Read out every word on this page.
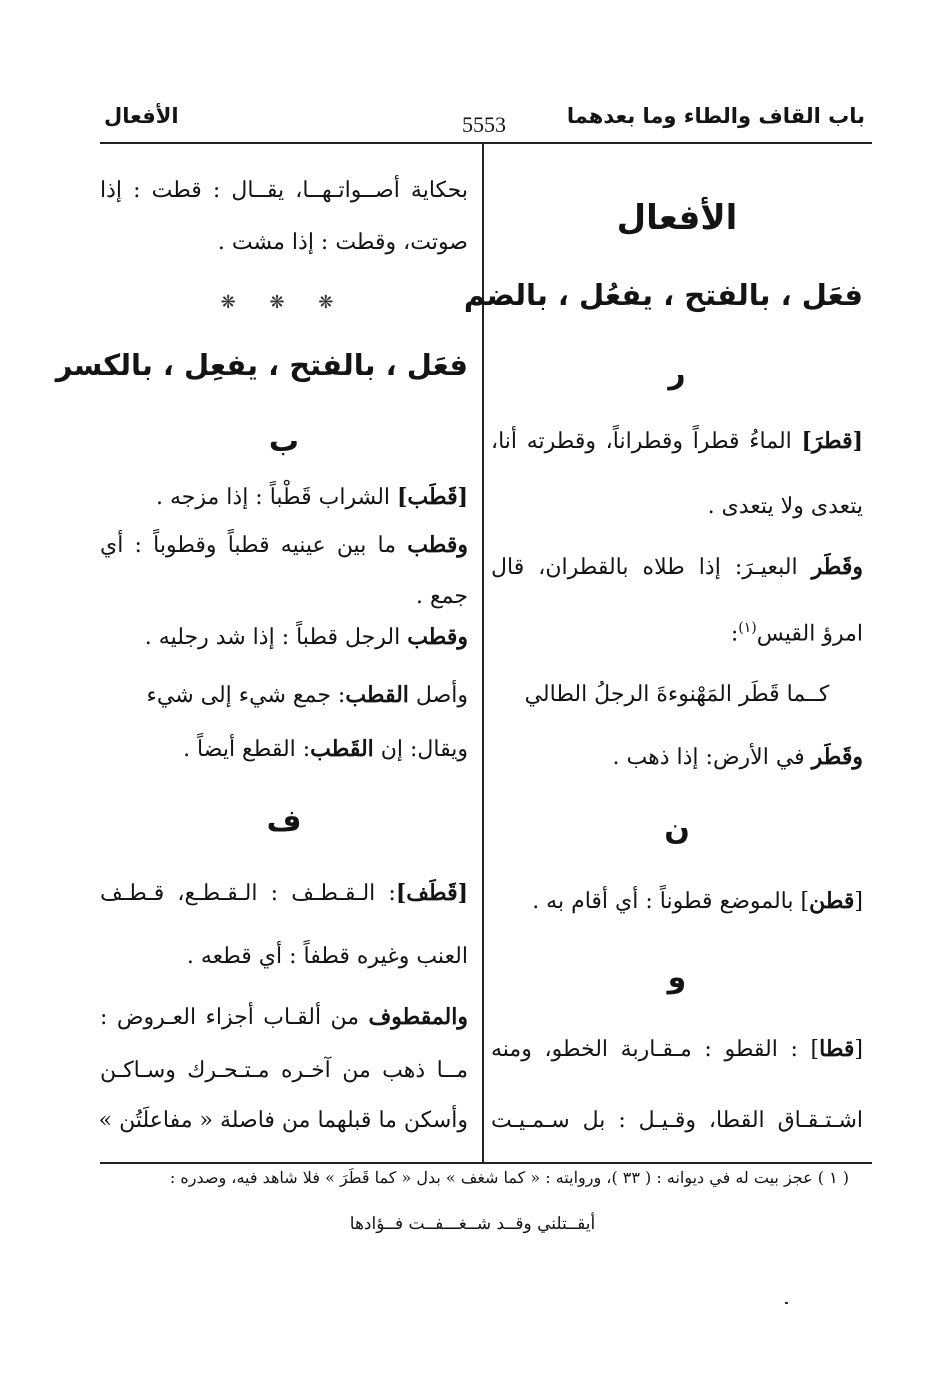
باب القاف والطاء وما بعدهما
5553
الأفعال
الأفعال
فعَل ، بالفتح ، يفعُل ، بالضم
ر
[قطرَ] الماءُ قطراً وقطراناً، وقطرته أنا،
يتعدى ولا يتعدى .
وقَطَر البعيـرَ: إذا طلاه بالقطران، قال
امرؤ القيس$^{(١)}$:
كــما قَطَر المَهْنوءةَ الرجلُ الطالي
وقَطَر في الأرض: إذا ذهب .
ن
[قطن] بالموضع قطوناً : أي أقام به .
و
[قطا] : القطو : مـقـاربة الخطو، ومنه
اشـتـقـاق القطا، وقـيـل : بل سـمـيـت
بحكاية أصــواتـهــا، يقــال : قطت : إذا
صوتت، وقطت : إذا مشت .
❋ ❋ ❋
فعَل ، بالفتح ، يفعِل ، بالكسر
ب
[قَطَب] الشراب قَطْباً : إذا مزجه .
وقطب ما بين عينيه قطباً وقطوباً : أي
جمع .
وقطب الرجل قطباً : إذا شد رجليه .
وأصل القطب: جمع شيء إلى شيء
ويقال: إن القَطب: القطع أيضاً .
ف
[قَطَف]: الـقـطـف : الـقـطـع، قـطـف
العنب وغيره قطفاً : أي قطعه .
والمقطوف من ألقـاب أجزاء العـروض :
مــا ذهب من آخـره مـتـحـرك وسـاكـن
وأسكن ما قبلهما من فاصلة « مفاعلَتُن »
( ١ ) عجز بيت له في ديوانه : ( ٣٣ )، وروايته : « كما شغف » بدل « كما قَطَرَ » فلا شاهد فيه، وصدره :
أيقــتلني وقــد شــغـــفــت فــؤادها
